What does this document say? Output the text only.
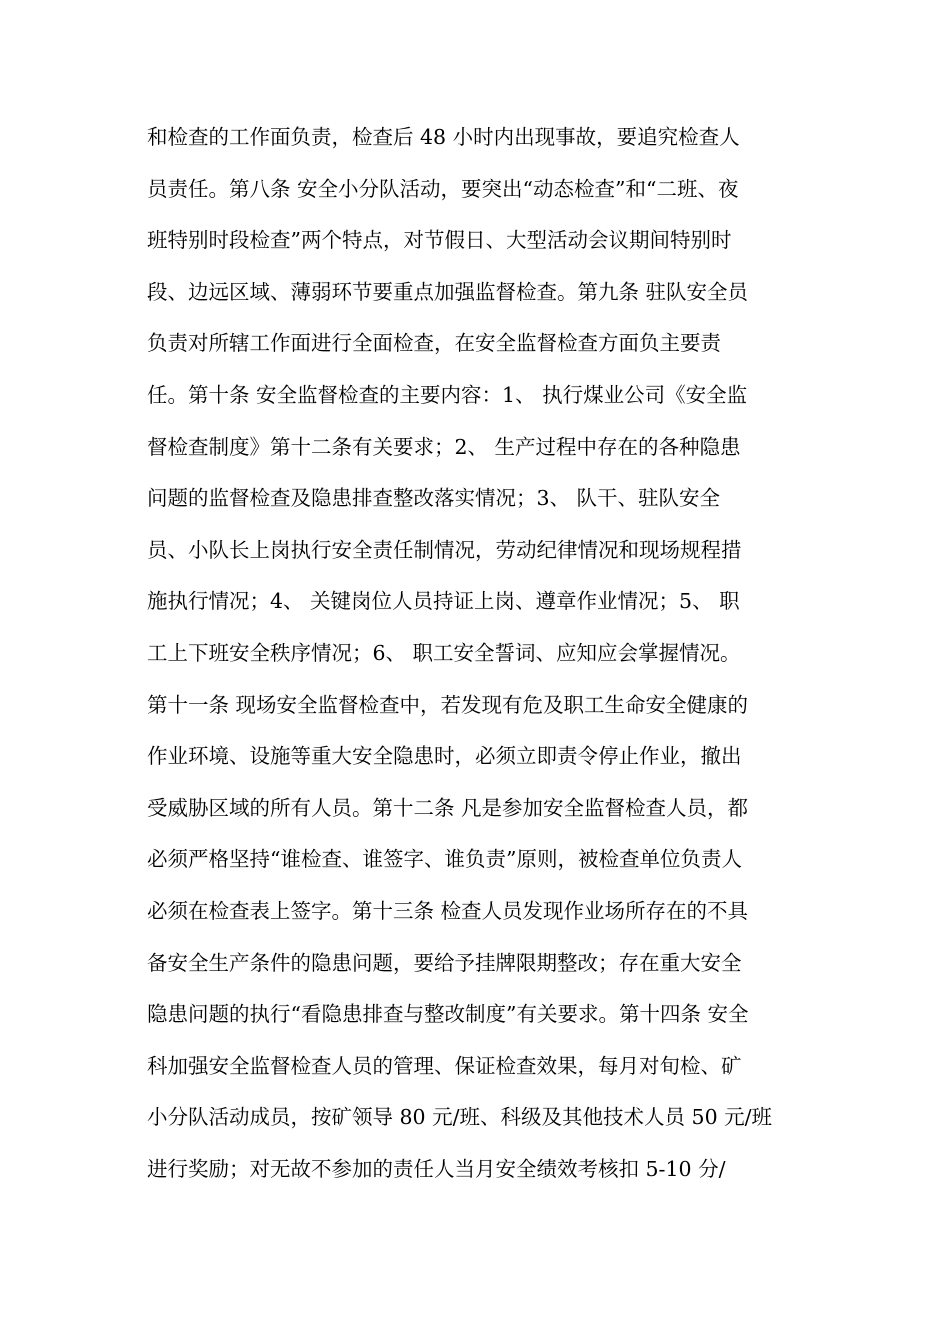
和检查的工作面负责，检查后 48 小时内出现事故，要追究检查人
员责任。第八条 安全小分队活动，要突出“动态检查”和“二班、夜
班特别时段检查”两个特点，对节假日、大型活动会议期间特别时
段、边远区域、薄弱环节要重点加强监督检查。第九条 驻队安全员
负责对所辖工作面进行全面检查，在安全监督检查方面负主要责
任。第十条 安全监督检查的主要内容：1、 执行煤业公司《安全监
督检查制度》第十二条有关要求；2、 生产过程中存在的各种隐患
问题的监督检查及隐患排查整改落实情况；3、 队干、驻队安全
员、小队长上岗执行安全责任制情况，劳动纪律情况和现场规程措
施执行情况；4、 关键岗位人员持证上岗、遵章作业情况；5、 职
工上下班安全秩序情况；6、 职工安全誓词、应知应会掌握情况。
第十一条 现场安全监督检查中，若发现有危及职工生命安全健康的
作业环境、设施等重大安全隐患时，必须立即责令停止作业，撤出
受威胁区域的所有人员。第十二条 凡是参加安全监督检查人员，都
必须严格坚持“谁检查、谁签字、谁负责”原则，被检查单位负责人
必须在检查表上签字。第十三条 检查人员发现作业场所存在的不具
备安全生产条件的隐患问题，要给予挂牌限期整改；存在重大安全
隐患问题的执行“看隐患排查与整改制度”有关要求。第十四条 安全
科加强安全监督检查人员的管理、保证检查效果，每月对旬检、矿
小分队活动成员，按矿领导 80 元/班、科级及其他技术人员 50 元/班
进行奖励；对无故不参加的责任人当月安全绩效考核扣 5-10 分/
